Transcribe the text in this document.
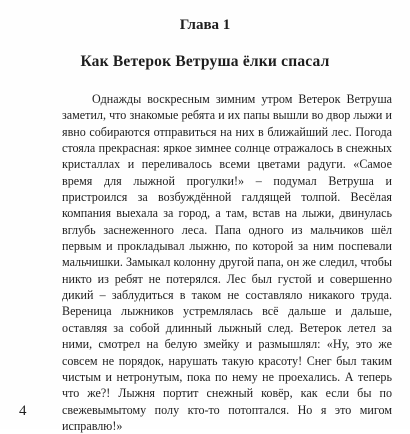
Глава 1
Как Ветерок Ветруша ёлки спасал

Однажды воскресным зимним утром Ветерок Ветруша заметил, что знакомые ребята и их папы вышли во двор лыжи и явно собираются отправиться на них в ближайший лес. Погода стояла прекрасная: яркое зимнее солнце отражалось в снежных кристаллах и переливалось всеми цветами радуги. «Самое время для лыжной прогулки!» – подумал Ветруша и пристроился за возбуждённой галдящей толпой. Весёлая компания выехала за город, а там, встав на лыжи, двинулась вглубь заснеженного леса. Папа одного из мальчиков шёл первым и прокладывал лыжню, по которой за ним поспевали мальчишки. Замыкал колонну другой папа, он же следил, чтобы никто из ребят не потерялся. Лес был густой и совершенно дикий – заблудиться в таком не составляло никакого труда. Вереница лыжников устремлялась всё дальше и дальше, оставляя за собой длинный лыжный след. Ветерок летел за ними, смотрел на белую змейку и размышлял: «Ну, это же совсем не порядок, нарушать такую красоту! Снег был таким чистым и нетронутым, пока по нему не проехались. А теперь что же?! Лыжня портит снежный ковёр, как если бы по свежевымытому полу кто-то потоптался. Но я это мигом исправлю!»

4
